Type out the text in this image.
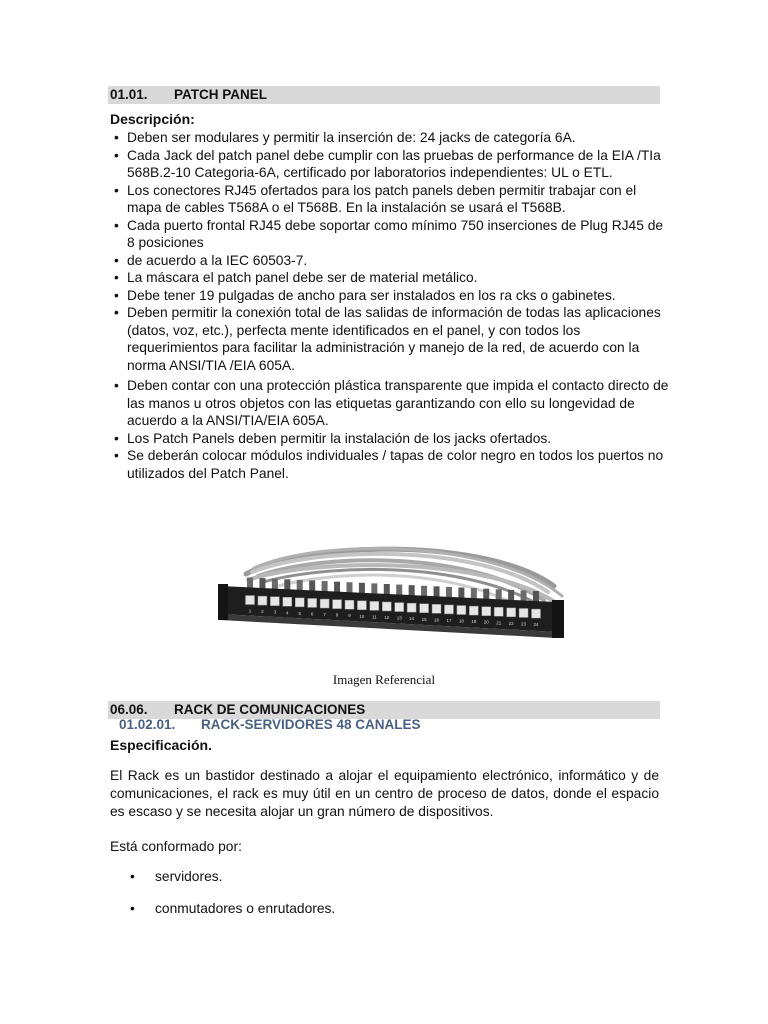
01.01. PATCH PANEL
Descripción:
• Deben ser modulares y permitir la inserción de: 24 jacks de categoría 6A.
• Cada Jack del patch panel debe cumplir con las pruebas de performance de la EIA /TIa 568B.2-10 Categoria-6A, certificado por laboratorios independientes: UL o ETL.
• Los conectores RJ45 ofertados para los patch panels deben permitir trabajar con el mapa de cables T568A o el T568B. En la instalación se usará el T568B.
• Cada puerto frontal RJ45 debe soportar como mínimo 750 inserciones de Plug RJ45 de 8 posiciones
• de acuerdo a la IEC 60503-7.
• La máscara el patch panel debe ser de material metálico.
• Debe tener 19 pulgadas de ancho para ser instalados en los ra cks o gabinetes.
• Deben permitir la conexión total de las salidas de información de todas las aplicaciones (datos, voz, etc.), perfecta mente identificados en el panel, y con todos los requerimientos para facilitar la administración y manejo de la red, de acuerdo con la norma ANSI/TIA /EIA 605A.
• Deben contar con una protección plástica transparente que impida el contacto directo de las manos u otros objetos con las etiquetas garantizando con ello su longevidad de acuerdo a la ANSI/TIA/EIA 605A.
• Los Patch Panels deben permitir la instalación de los jacks ofertados.
• Se deberán colocar módulos individuales / tapas de color negro en todos los puertos no utilizados del Patch Panel.
1 2 3 4 5 6 7 8 9 10 11 12 13 14 15 16 17 18 19 20 21 22 23 24
Imagen Referencial
06.06. RACK DE COMUNICACIONES
01.02.01. RACK-SERVIDORES 48 CANALES
Especificación.

El Rack es un bastidor destinado a alojar el equipamiento electrónico, informático y de comunicaciones, el rack es muy útil en un centro de proceso de datos, donde el espacio es escaso y se necesita alojar un gran número de dispositivos.

Está conformado por:

• servidores.
• conmutadores o enrutadores.
